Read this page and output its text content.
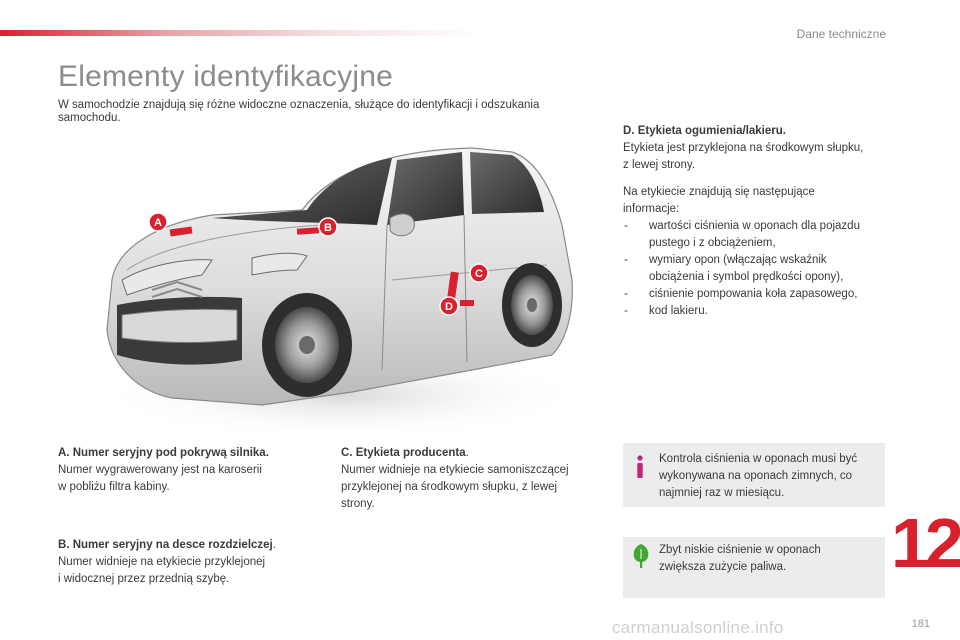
Dane techniczne
Elementy identyfikacyjne
W samochodzie znajdują się różne widoczne oznaczenia, służące do identyfikacji i odszukania samochodu.
A	B
C
D

D. Etykieta ogumienia/lakieru.

Etykieta jest przyklejona na środkowym słupku,

z lewej strony.

Na etykiecie znajdują się następujące

informacje:

- wartości ciśnienia w oponach dla pojazdu
pustego i z obciążeniem,
- wymiary opon (włączając wskaźnik
obciążenia i symbol prędkości opony),
- ciśnienie pompowania koła zapasowego,
- kod lakieru.

A. Numer seryjny pod pokrywą silnika.

Numer wygrawerowany jest na karoserii

w pobliżu filtra kabiny.

B. Numer seryjny na desce rozdzielczej.

Numer widnieje na etykiecie przyklejonej

i widocznej przez przednią szybę.

C. Etykieta producenta.

Numer widnieje na etykiecie samoniszczącej

przyklejonej na środkowym słupku, z lewej

strony.

Kontrola ciśnienia w oponach musi być
wykonywana na oponach zimnych, co
najmniej raz w miesiącu.
Zbyt niskie ciśnienie w oponach
zwiększa zużycie paliwa.	12
carmanualsonline.info	181
